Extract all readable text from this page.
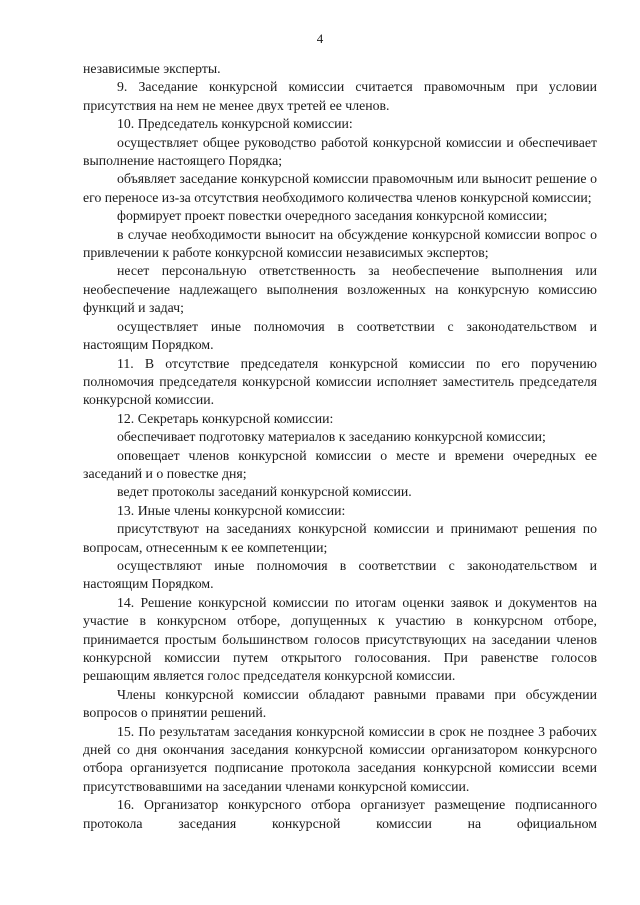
4

независимые эксперты.

9. Заседание конкурсной комиссии считается правомочным при условии присутствия на нем не менее двух третей ее членов.

10. Председатель конкурсной комиссии:

осуществляет общее руководство работой конкурсной комиссии и обеспечивает выполнение настоящего Порядка;

объявляет заседание конкурсной комиссии правомочным или выносит решение о его переносе из-за отсутствия необходимого количества членов конкурсной комиссии;

формирует проект повестки очередного заседания конкурсной комиссии;

в случае необходимости выносит на обсуждение конкурсной комиссии вопрос о привлечении к работе конкурсной комиссии независимых экспертов;

несет персональную ответственность за необеспечение выполнения или необеспечение надлежащего выполнения возложенных на конкурсную комиссию функций и задач;

осуществляет иные полномочия в соответствии с законодательством и настоящим Порядком.

11. В отсутствие председателя конкурсной комиссии по его поручению полномочия председателя конкурсной комиссии исполняет заместитель председателя конкурсной комиссии.

12. Секретарь конкурсной комиссии:

обеспечивает подготовку материалов к заседанию конкурсной комиссии;

оповещает членов конкурсной комиссии о месте и времени очередных ее заседаний и о повестке дня;

ведет протоколы заседаний конкурсной комиссии.

13. Иные члены конкурсной комиссии:

присутствуют на заседаниях конкурсной комиссии и принимают решения по вопросам, отнесенным к ее компетенции;

осуществляют иные полномочия в соответствии с законодательством и настоящим Порядком.

14. Решение конкурсной комиссии по итогам оценки заявок и документов на участие в конкурсном отборе, допущенных к участию в конкурсном отборе, принимается простым большинством голосов присутствующих на заседании членов конкурсной комиссии путем открытого голосования. При равенстве голосов решающим является голос председателя конкурсной комиссии.

Члены конкурсной комиссии обладают равными правами при обсуждении вопросов о принятии решений.

15. По результатам заседания конкурсной комиссии в срок не позднее 3 рабочих дней со дня окончания заседания конкурсной комиссии организатором конкурсного отбора организуется подписание протокола заседания конкурсной комиссии всеми присутствовавшими на заседании членами конкурсной комиссии.

16. Организатор конкурсного отбора организует размещение подписанного протокола заседания конкурсной комиссии на официальном
